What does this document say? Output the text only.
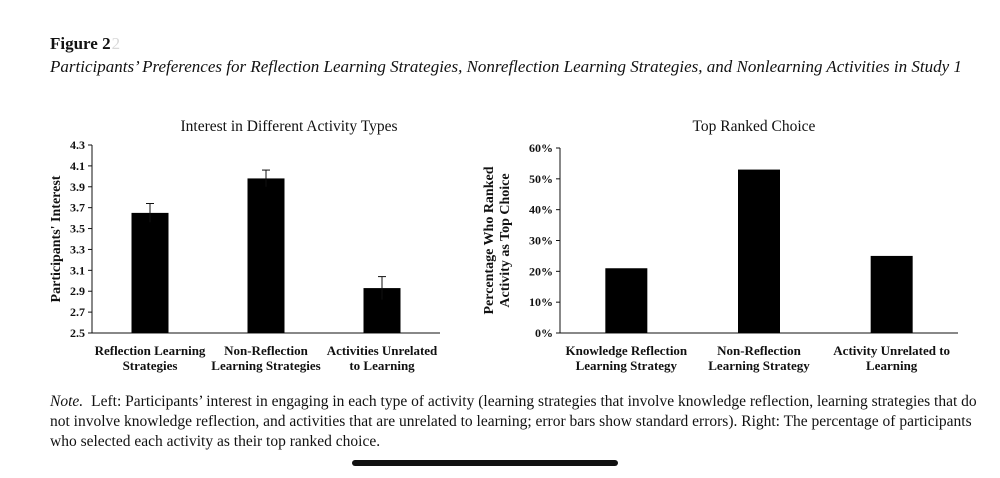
Figure 22
Participants’ Preferences for Reflection Learning Strategies, Nonreflection Learning Strategies, and Nonlearning Activities in Study 1
Interest in Different Activity Types
2.5
2.7
2.9
3.1
3.3
3.5
3.7
3.9
4.1
4.3
Participants' Interest
Reflection Learning
Strategies
Non-Reflection
Learning Strategies
Activities Unrelated
to Learning
Top Ranked Choice
0%
10%
20%
30%
40%
50%
60%
Percentage Who Ranked Activity as Top Choice
Knowledge Reflection
Learning Strategy
Non-Reflection
Learning Strategy
Activity Unrelated to
Learning
Note. Left: Participants’ interest in engaging in each type of activity (learning strategies that involve knowledge reflection, learning strategies that do not involve knowledge reflection, and activities that are unrelated to learning; error bars show standard errors). Right: The percentage of participants who selected each activity as their top ranked choice.
